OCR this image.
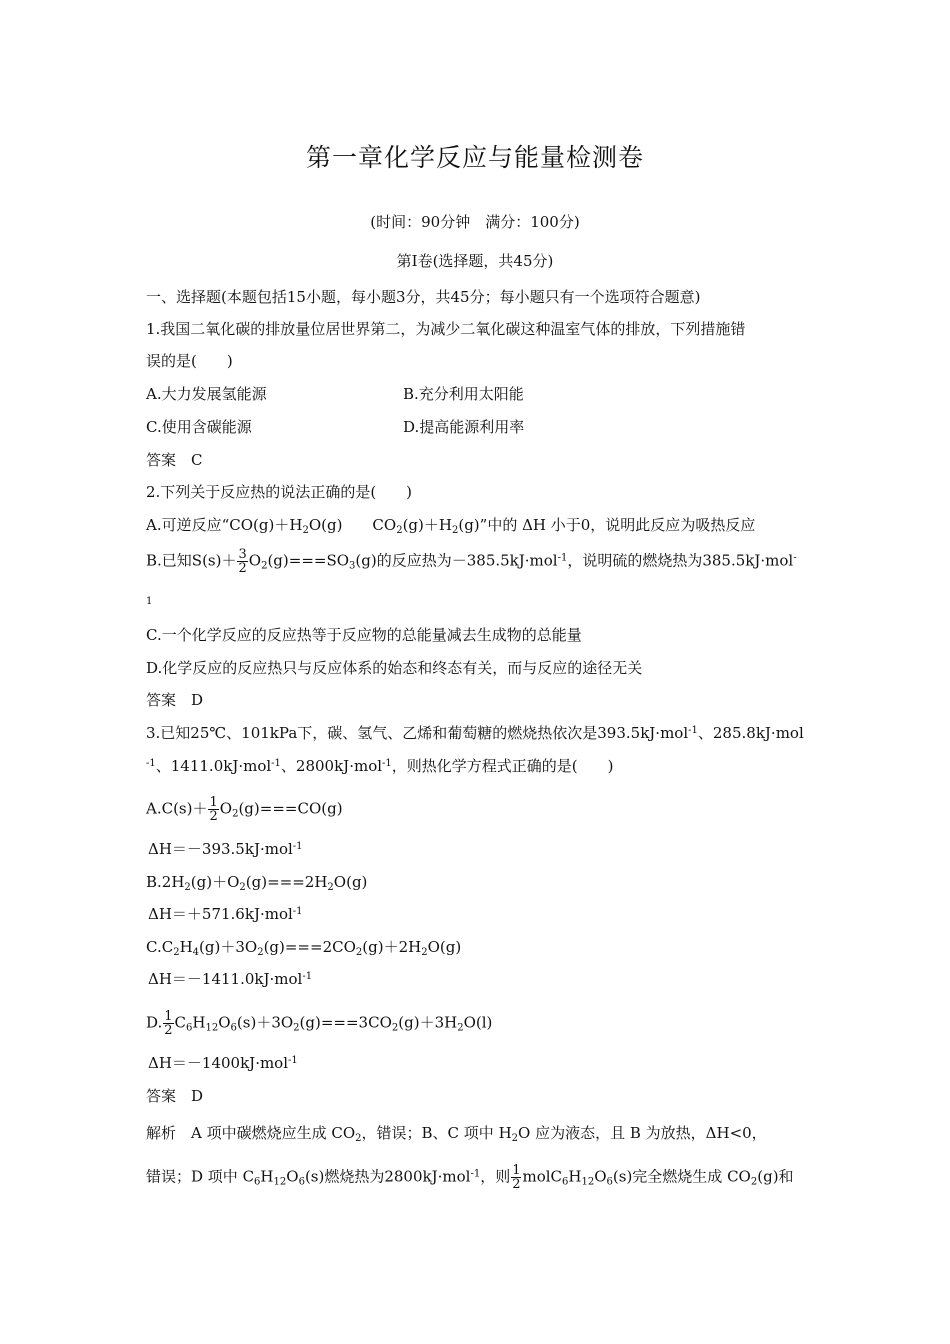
第一章化学反应与能量检测卷
(时间：90分钟　满分：100分)
第Ⅰ卷(选择题，共45分)
一、选择题(本题包括15小题，每小题3分，共45分；每小题只有一个选项符合题意)
1.我国二氧化碳的排放量位居世界第二，为减少二氧化碳这种温室气体的排放，下列措施错
误的是(　　)
A.大力发展氢能源	B.充分利用太阳能
C.使用含碳能源	D.提高能源利用率
答案　C
2.下列关于反应热的说法正确的是(　　)
A.可逆反应“$CO(g)+H_2O(g)$　　$CO_2(g)+H_2(g)$”中的 ΔH 小于0，说明此反应为吸热反应
B.已知$S(s)+ \frac{3}{2} O_2(g)===SO_3(g)$的反应热为－385.5kJ·mol$^{-1}$，说明硫的燃烧热为385.5kJ·mol-
1
C.一个化学反应的反应热等于反应物的总能量减去生成物的总能量
D.化学反应的反应热只与反应体系的始态和终态有关，而与反应的途径无关
答案　D
3.已知25℃、101kPa下，碳、氢气、乙烯和葡萄糖的燃烧热依次是393.5kJ·mol$^{-1}$、285.8kJ·mol
$^{-1}$、1411.0kJ·mol$^{-1}$、2800kJ·mol$^{-1}$，则热化学方程式正确的是(　　)
$A.C(s)+ \frac{1}{2} O_2(g)===CO(g)$
ΔH＝－393.5kJ·mol$^{-1}$
$B.2H_2(g)+O_2(g)===2H_2O(g)$
ΔH＝＋571.6kJ·mol$^{-1}$
$C.C_2H_4(g)+3O_2(g)===2CO_2(g)+2H_2O(g)$
ΔH＝－1411.0kJ·mol$^{-1}$
D. $\frac{1}{2} C_6H_{12}O_6(s)+3O_2(g)===3CO_2(g)+3H_2O(l)$
ΔH＝－1400kJ·mol$^{-1}$
答案　D
解析　A 项中碳燃烧应生成 $CO_2$，错误；B、C 项中 $H_2O$ 应为液态，且 B 为放热，ΔH<0，
错误；D 项中 $C_6H_{12}O_6(s)$燃烧热为2800kJ·mol$^{-1}$，则 $\frac{1}{2}$ $molC_6H_{12}O_6(s)$完全燃烧生成 $CO_2(g)$和
